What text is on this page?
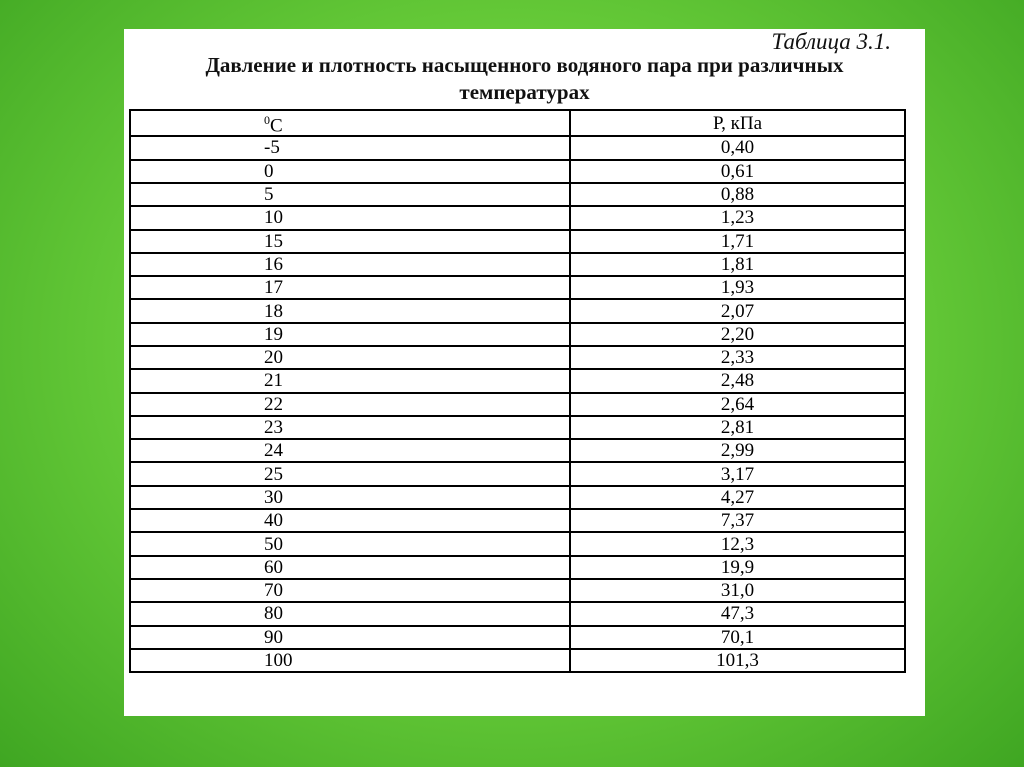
Таблица 3.1.
Давление и плотность насыщенного водяного пара при различных
температурах
$^0$С	Р, кПа
-5	0,40
0	0,61
5	0,88
10	1,23
15	1,71
16	1,81
17	1,93
18	2,07
19	2,20
20	2,33
21	2,48
22	2,64
23	2,81
24	2,99
25	3,17
30	4,27
40	7,37
50	12,3
60	19,9
70	31,0
80	47,3
90	70,1
100	101,3
